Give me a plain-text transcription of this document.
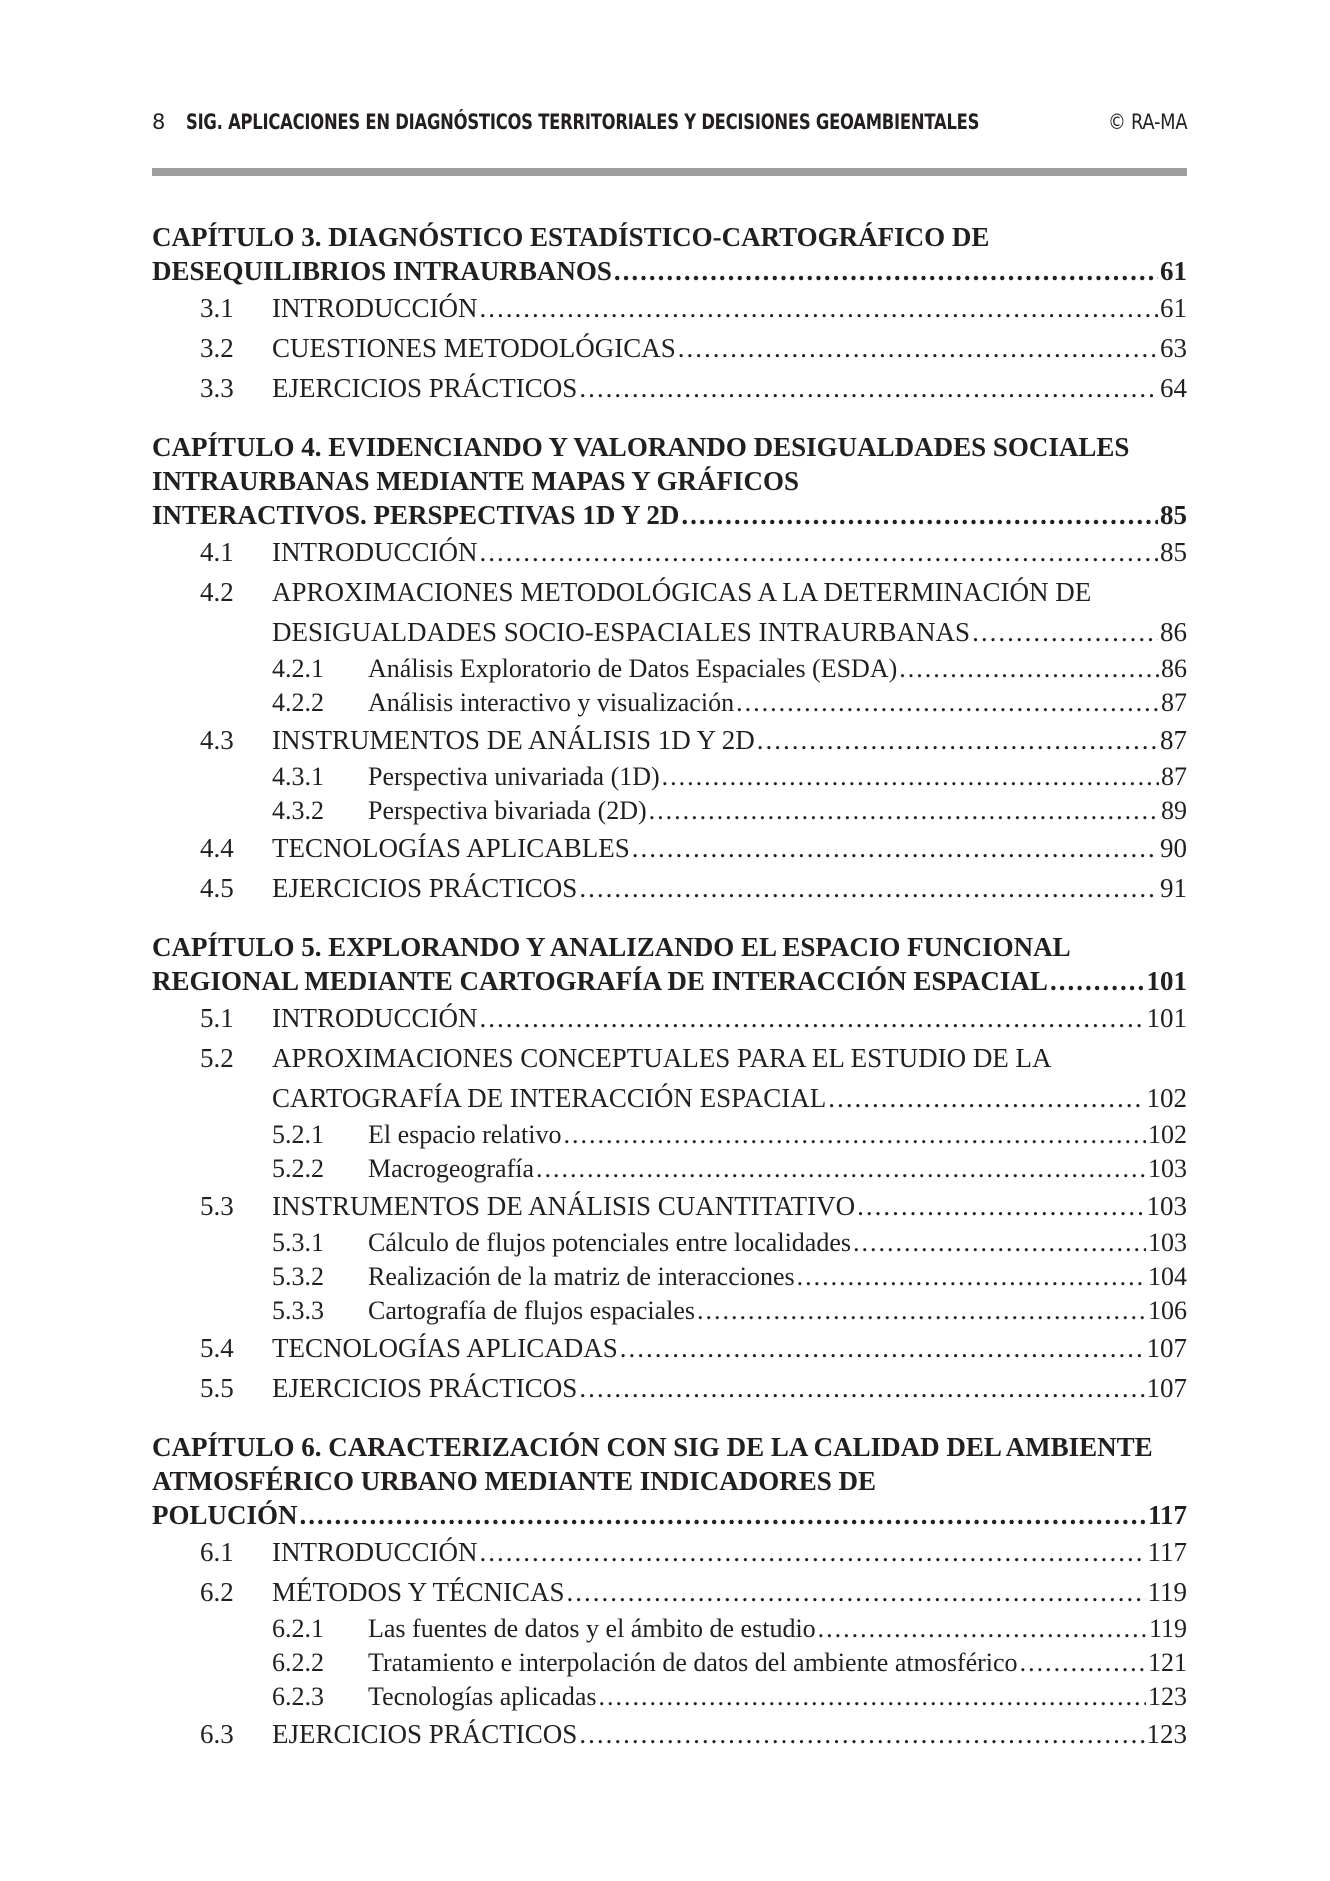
8 SIG. APLICACIONES EN DIAGNÓSTICOS TERRITORIALES Y DECISIONES GEOAMBIENTALES	© RA-MA
CAPÍTULO 3. DIAGNÓSTICO ESTADÍSTICO-CARTOGRÁFICO DE
DESEQUILIBRIOS INTRAURBANOS .....	61
3.1 INTRODUCCIÓN .....	61
3.2 CUESTIONES METODOLÓGICAS .....	63
3.3 EJERCICIOS PRÁCTICOS .....	64
CAPÍTULO 4. EVIDENCIANDO Y VALORANDO DESIGUALDADES SOCIALES INTRAURBANAS MEDIANTE MAPAS Y GRÁFICOS
INTERACTIVOS. PERSPECTIVAS 1D Y 2D .....	85
4.1 INTRODUCCIÓN .....	85
4.2 APROXIMACIONES METODOLÓGICAS A LA DETERMINACIÓN DE
DESIGUALDADES SOCIO-ESPACIALES INTRAURBANAS .....	86
4.2.1 Análisis Exploratorio de Datos Espaciales (ESDA) .....	86
4.2.2 Análisis interactivo y visualización .....	87
4.3 INSTRUMENTOS DE ANÁLISIS 1D Y 2D .....	87
4.3.1 Perspectiva univariada (1D) .....	87
4.3.2 Perspectiva bivariada (2D) .....	89
4.4 TECNOLOGÍAS APLICABLES .....	90
4.5 EJERCICIOS PRÁCTICOS .....	91
CAPÍTULO 5. EXPLORANDO Y ANALIZANDO EL ESPACIO FUNCIONAL
REGIONAL MEDIANTE CARTOGRAFÍA DE INTERACCIÓN ESPACIAL .....	101
5.1 INTRODUCCIÓN .....	101
5.2 APROXIMACIONES CONCEPTUALES PARA EL ESTUDIO DE LA
CARTOGRAFÍA DE INTERACCIÓN ESPACIAL .....	102
5.2.1 El espacio relativo .....	102
5.2.2 Macrogeografía .....	103
5.3 INSTRUMENTOS DE ANÁLISIS CUANTITATIVO .....	103
5.3.1 Cálculo de flujos potenciales entre localidades .....	103
5.3.2 Realización de la matriz de interacciones .....	104
5.3.3 Cartografía de flujos espaciales .....	106
5.4 TECNOLOGÍAS APLICADAS .....	107
5.5 EJERCICIOS PRÁCTICOS .....	107
CAPÍTULO 6. CARACTERIZACIÓN CON SIG DE LA CALIDAD DEL AMBIENTE ATMOSFÉRICO URBANO MEDIANTE INDICADORES DE
POLUCIÓN .....	117
6.1 INTRODUCCIÓN .....	117
6.2 MÉTODOS Y TÉCNICAS .....	119
6.2.1 Las fuentes de datos y el ámbito de estudio .....	119
6.2.2 Tratamiento e interpolación de datos del ambiente atmosférico .....	121
6.2.3 Tecnologías aplicadas .....	123
6.3 EJERCICIOS PRÁCTICOS .....	123
